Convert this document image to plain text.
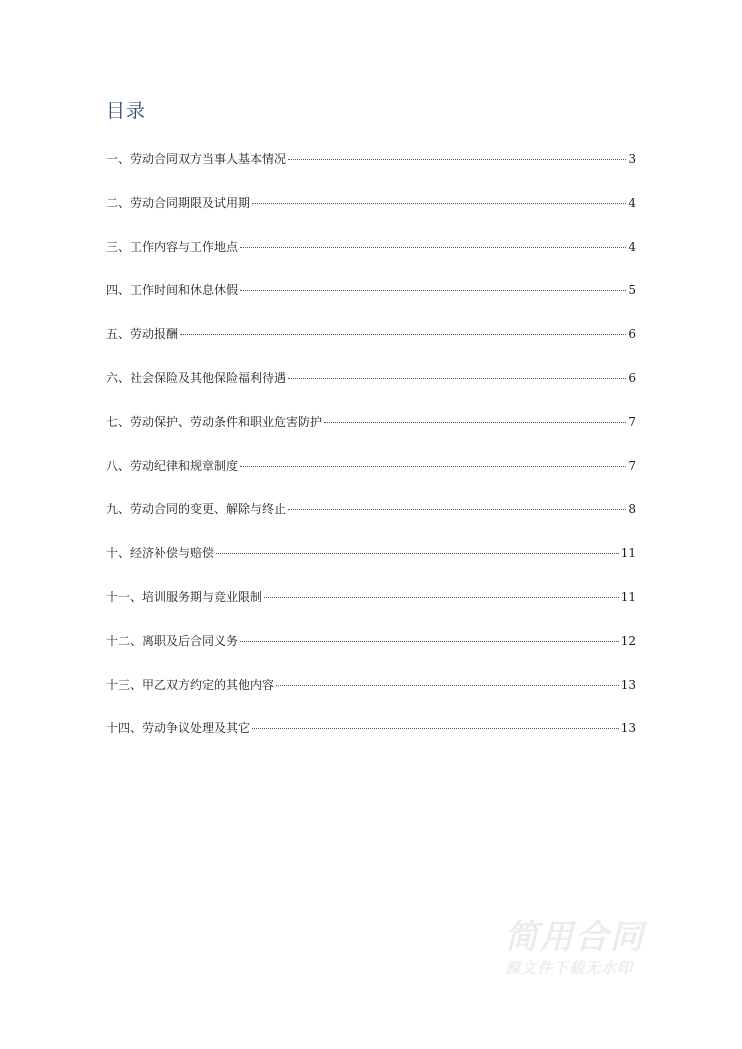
目录
一、劳动合同双方当事人基本情况	3
二、劳动合同期限及试用期	4
三、工作内容与工作地点	4
四、工作时间和休息休假	5
五、劳动报酬	6
六、社会保险及其他保险福利待遇	6
七、劳动保护、劳动条件和职业危害防护	7
八、劳动纪律和规章制度	7
九、劳动合同的变更、解除与终止	8
十、经济补偿与赔偿	11
十一、培训服务期与竞业限制	11
十二、离职及后合同义务	12
十三、甲乙双方约定的其他内容	13
十四、劳动争议处理及其它	13
简用合同
源文件下载无水印
